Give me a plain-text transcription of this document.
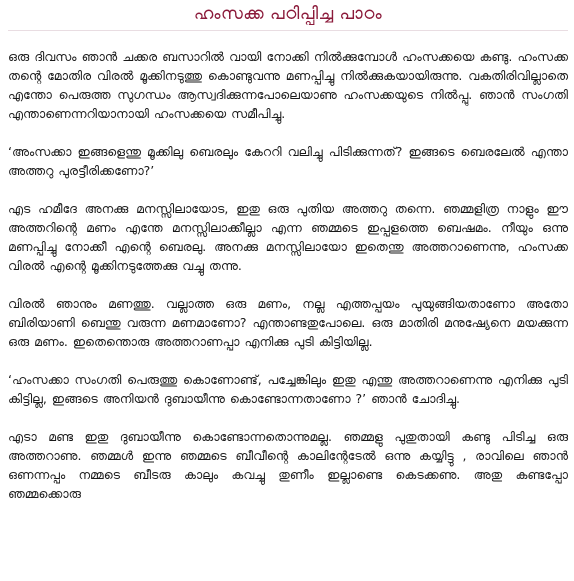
ഹംസക്ക പഠിപ്പിച്ച പാഠം

ഒരു ദിവസം ഞാൻ ചക്കര ബസാറിൽ വായി നോക്കി നിൽക്കുമ്പോൾ ഹംസക്കയെ കണ്ടു. ഹംസക്ക തന്റെ മോതിര വിരൽ മൂക്കിനടുത്തു കൊണ്ടുവന്നു മണപ്പിച്ചു നിൽക്കുകയായിരുന്നു. വകതിരിവില്ലാതെ എന്തോ പെരുത്ത സുഗന്ധം ആസ്വദിക്കുന്നപോലെയാണു ഹംസക്കയുടെ നിൽപ്പു. ഞാൻ സംഗതി എന്താണെന്നറിയാനായി ഹംസക്കയെ സമീപിച്ചു.

‘അംസക്കാ ഇങ്ങളെന്തു മൂക്കിലു ബെരലും കേററി വലിച്ചു പിടിക്കുന്നത്? ഇങ്ങടെ ബെരലേൽ എന്താ അത്തറു പുരട്ടീരിക്കണോ?’

എട ഹമീദേ അനക്കു മനസ്സിലായോട, ഇതു ഒരു പുതിയ അത്തറു തന്നെ. ഞമ്മളിത്ര നാളും ഈ അത്തറിന്റെ മണം എന്തേ മനസ്സിലാക്കീല്ലാ എന്ന ഞമ്മടെ ഇപ്പളത്തെ ബെഷമം. നീയും ഒന്നു മണപ്പിച്ചു നോക്കീ എന്റെ ബെരലു. അനക്കു മനസ്സിലായോ ഇതെന്തു അത്തറാണെന്നു, ഹംസക്ക വിരൽ എന്റെ മൂക്കിനടുത്തേക്കു വച്ചു തന്നു.

വിരൽ ഞാനും മണത്തു. വല്ലാത്ത ഒരു മണം, നല്ല എത്തപ്പയം പുയുങ്ങിയതാണോ അതോ ബിരിയാണി ബെന്തു വരുന്ന മണമാണോ? എന്താണ്ടതുപോലെ. ഒരു മാതിരി മനുഷ്യേനെ മയക്കുന്ന ഒരു മണം. ഇതെന്തൊരു അത്തറാണപ്പാ എനിക്കു പുടി കിട്ടിയില്ല.

‘ഹംസക്കാ സംഗതി പെരുത്തു കൊണോണ്ട്, പച്ചേങ്കിലും ഇതു എന്തു അത്തറാണെന്നു എനിക്കു പുടി കിട്ടില്ല, ഇങ്ങടെ അനിയൻ ദുബായീന്നു കൊണ്ടോന്നതാണോ ?’ ഞാൻ ചോദിച്ചു.

എടാ മണ്ട ഇതു ദുബായീന്നു കൊണ്ടോന്നതൊന്നുമല്ല. ഞമ്മളു പുതുതായി കണ്ടു പിടിച്ച ഒരു അത്തറാണു. ഞമ്മൾ ഇന്നു ഞമ്മടെ ബീവീന്റെ കാലിന്റേടേൽ ഒന്നു കയ്യിട്ടു , രാവിലെ ഞാൻ ഒണന്നപ്പം നമ്മടെ ബീടരു കാലും കവച്ചു തുണീം ഇല്ലാണ്ടെ കെടക്കണു. അതു കണ്ടപ്പോ ഞമ്മക്കൊരു
